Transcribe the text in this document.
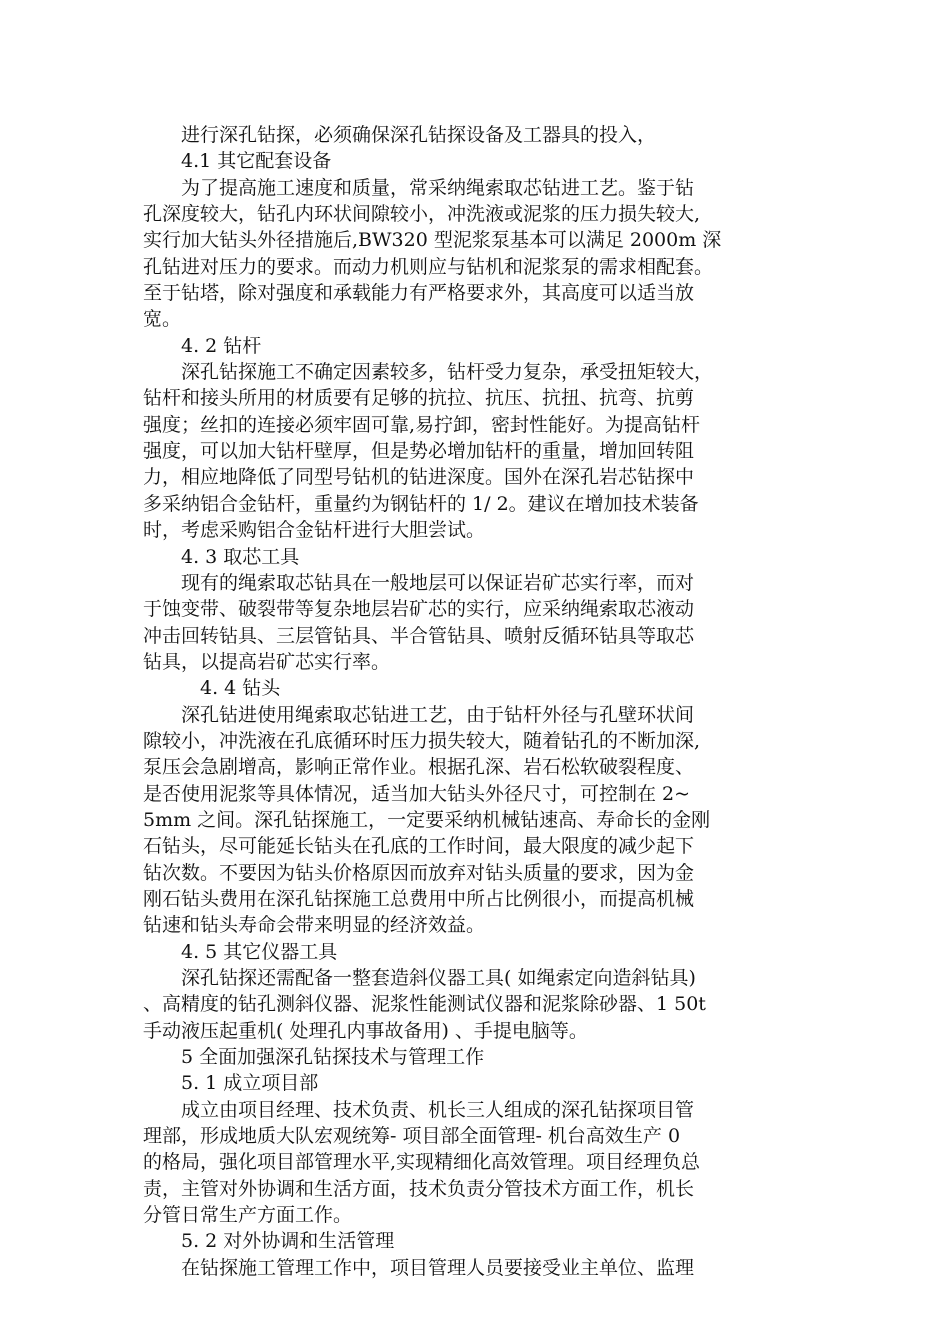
　　进行深孔钻探，必须确保深孔钻探设备及工器具的投入，
　　4.1 其它配套设备
　　为了提高施工速度和质量，常采纳绳索取芯钻进工艺。鉴于钻
孔深度较大，钻孔内环状间隙较小，冲洗液或泥浆的压力损失较大,
实行加大钻头外径措施后,BW320 型泥浆泵基本可以满足 2000m 深
孔钻进对压力的要求。而动力机则应与钻机和泥浆泵的需求相配套。
至于钻塔，除对强度和承载能力有严格要求外，其高度可以适当放
宽。
　　4. 2 钻杆
　　深孔钻探施工不确定因素较多，钻杆受力复杂，承受扭矩较大，
钻杆和接头所用的材质要有足够的抗拉、抗压、抗扭、抗弯、抗剪
强度；丝扣的连接必须牢固可靠,易拧卸，密封性能好。为提高钻杆
强度，可以加大钻杆壁厚，但是势必增加钻杆的重量，增加回转阻
力，相应地降低了同型号钻机的钻进深度。国外在深孔岩芯钻探中
多采纳铝合金钻杆，重量约为钢钻杆的 1/ 2。建议在增加技术装备
时，考虑采购铝合金钻杆进行大胆尝试。
　　4. 3 取芯工具
　　现有的绳索取芯钻具在一般地层可以保证岩矿芯实行率，而对
于蚀变带、破裂带等复杂地层岩矿芯的实行，应采纳绳索取芯液动
冲击回转钻具、三层管钻具、半合管钻具、喷射反循环钻具等取芯
钻具，以提高岩矿芯实行率。
　　　4. 4 钻头
　　深孔钻进使用绳索取芯钻进工艺，由于钻杆外径与孔壁环状间
隙较小，冲洗液在孔底循环时压力损失较大，随着钻孔的不断加深,
泵压会急剧增高，影响正常作业。根据孔深、岩石松软破裂程度、
是否使用泥浆等具体情况，适当加大钻头外径尺寸，可控制在 2~
5mm 之间。深孔钻探施工，一定要采纳机械钻速高、寿命长的金刚
石钻头，尽可能延长钻头在孔底的工作时间，最大限度的减少起下
钻次数。不要因为钻头价格原因而放弃对钻头质量的要求，因为金
刚石钻头费用在深孔钻探施工总费用中所占比例很小，而提高机械
钻速和钻头寿命会带来明显的经济效益。
　　4. 5 其它仪器工具
　　深孔钻探还需配备一整套造斜仪器工具( 如绳索定向造斜钻具)
、高精度的钻孔测斜仪器、泥浆性能测试仪器和泥浆除砂器、1 50t
手动液压起重机( 处理孔内事故备用) 、手提电脑等。
　　5 全面加强深孔钻探技术与管理工作
　　5. 1 成立项目部
　　成立由项目经理、技术负责、机长三人组成的深孔钻探项目管
理部，形成地质大队宏观统筹- 项目部全面管理- 机台高效生产 0
的格局，强化项目部管理水平,实现精细化高效管理。项目经理负总
责，主管对外协调和生活方面，技术负责分管技术方面工作，机长
分管日常生产方面工作。
　　5. 2 对外协调和生活管理
　　在钻探施工管理工作中，项目管理人员要接受业主单位、监理
